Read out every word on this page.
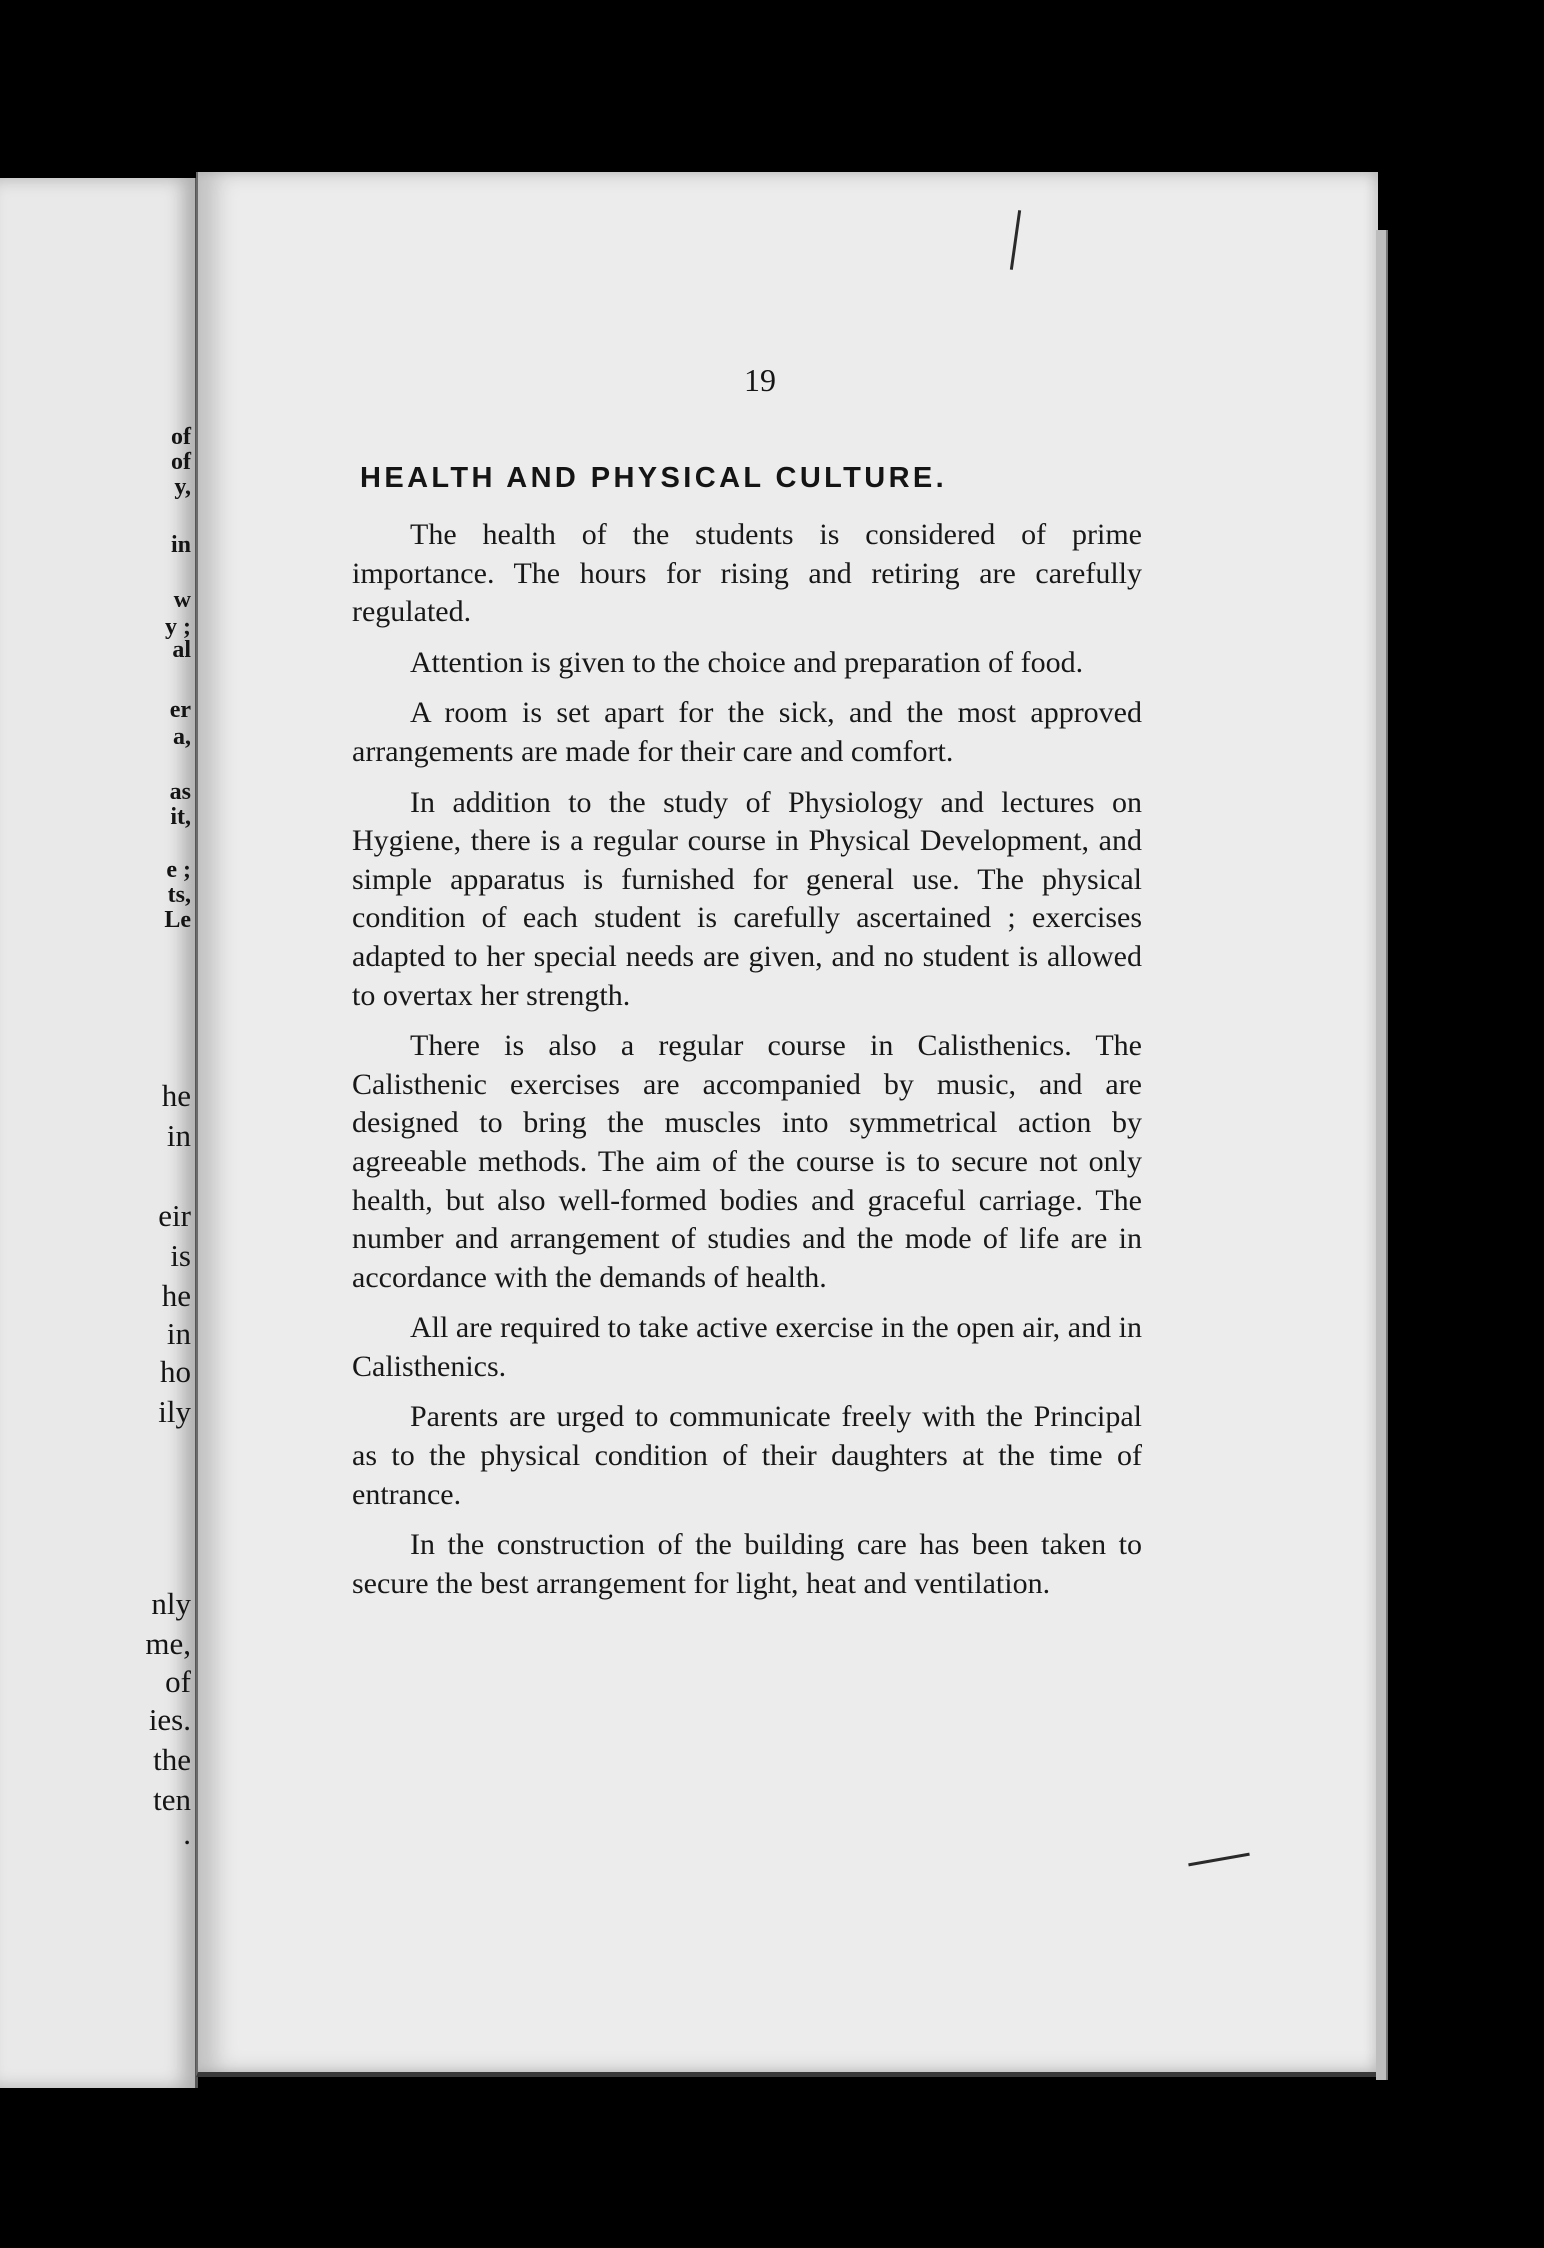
of
of
y,
in
w
y ;
al
er
a,
as
it,
e ;
ts,
Le
he
in
eir
is
he
in
ho
ily
nly
me,
of
ies.
the
ten
.
19
HEALTH AND PHYSICAL CULTURE.

The health of the students is considered of prime importance. The hours for rising and retiring are carefully regulated.

Attention is given to the choice and preparation of food.

A room is set apart for the sick, and the most approved arrangements are made for their care and comfort.

In addition to the study of Physiology and lectures on Hygiene, there is a regular course in Physical Development, and simple apparatus is furnished for general use. The physical condition of each student is carefully ascertained ; exercises adapted to her special needs are given, and no student is allowed to overtax her strength.

There is also a regular course in Calisthenics. The Calisthenic exercises are accompanied by music, and are designed to bring the muscles into symmetrical action by agreeable methods. The aim of the course is to secure not only health, but also well-formed bodies and graceful carriage. The number and arrangement of studies and the mode of life are in accordance with the demands of health.

All are required to take active exercise in the open air, and in Calisthenics.

Parents are urged to communicate freely with the Principal as to the physical condition of their daughters at the time of entrance.

In the construction of the building care has been taken to secure the best arrangement for light, heat and ventilation.
